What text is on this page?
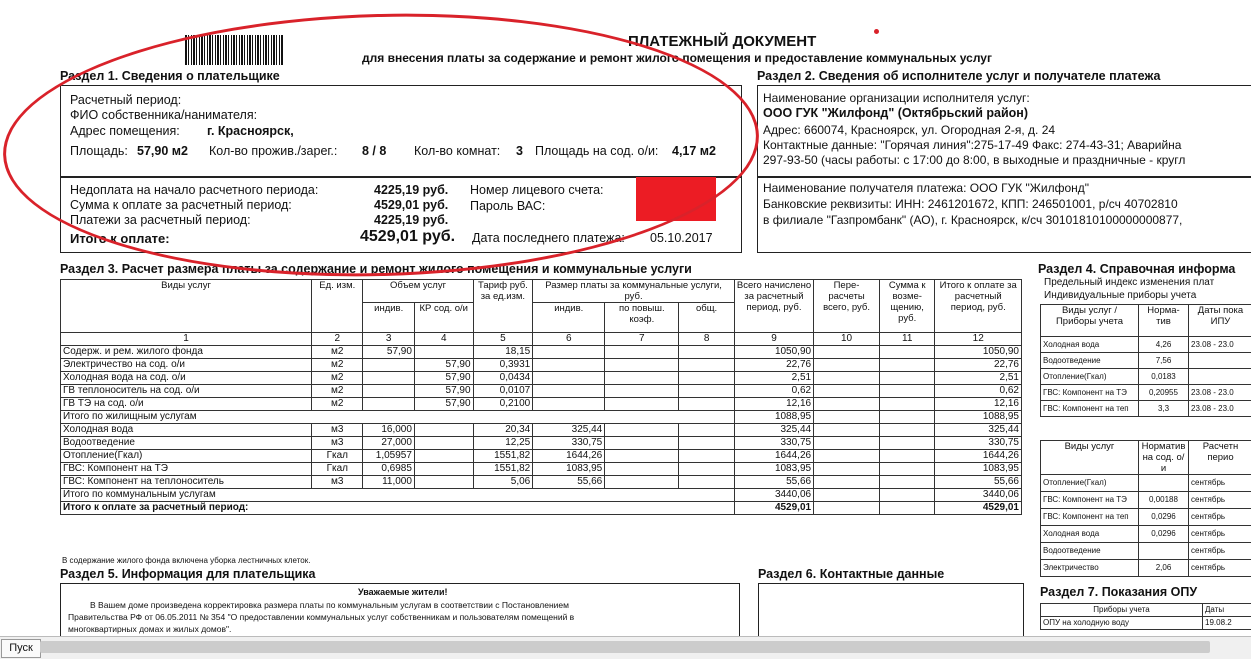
ПЛАТЕЖНЫЙ ДОКУМЕНТ
для внесения платы за содержание и ремонт жилого помещения и предоставление коммунальных услуг
Раздел 1. Сведения о плательщике
Расчетный период:
ФИО собственника/нанимателя:
Адрес помещения: г. Красноярск,
Площадь: 57,90 м2 Кол-во прожив./зарег.: 8 / 8 Кол-во комнат: 3 Площадь на сод. о/и: 4,17 м2
Недоплата на начало расчетного периода:	4225,19 руб.
Сумма к оплате за расчетный период:	4529,01 руб.
Платежи за расчетный период:	4225,19 руб.
Итого к оплате:	4529,01 руб.
Номер лицевого счета:
Пароль ВАС:
Дата последнего платежа: 05.10.2017
Раздел 2. Сведения об исполнителе услуг и получателе платежа
Наименование организации исполнителя услуг:
ООО ГУК "Жилфонд" (Октябрьский район)
Адрес: 660074, Красноярск, ул. Огородная 2-я, д. 24
Контактные данные: "Горячая линия":275-17-49 Факс: 274-43-31; Аварийна
297-93-50 (часы работы: с 17:00 до 8:00, в выходные и праздничные - кругл
Наименование получателя платежа: ООО ГУК "Жилфонд"
Банковские реквизиты: ИНН: 2461201672, КПП: 246501001, р/сч 40702810
в филиале "Газпромбанк" (АО), г. Красноярск, к/сч 30101810100000000877,
Раздел 3. Расчет размера платы за содержание и ремонт жилого помещения и коммунальные услуги
Виды услуг	Ед. изм.	Объем услуг		Тариф руб. за ед.изм.	Размер платы за коммунальные услуги, руб.			Всего начислено за расчетный период, руб.	Пере-расчеты всего, руб.	Сумма к возме-щению, руб.	Итого к оплате за расчетный период, руб.
		индив.	КР сод. о/и		индив.	по повыш. коэф.	общ.				
1	2	3	4	5	6	7	8	9	10	11	12
Содерж. и рем. жилого фонда	м2	57,90		18,15				1050,90			1050,90
Электричество на сод. о/и	м2		57,90	0,3931				22,76			22,76
Холодная вода на сод. о/и	м2		57,90	0,0434				2,51			2,51
ГВ теплоноситель на сод. о/и	м2		57,90	0,0107				0,62			0,62
ГВ ТЭ на сод. о/и	м2		57,90	0,2100				12,16			12,16
Итого по жилищным услугам								1088,95			1088,95
Холодная вода	м3	16,000		20,34	325,44			325,44			325,44
Водоотведение	м3	27,000		12,25	330,75			330,75			330,75
Отопление(Гкал)	Гкал	1,05957		1551,82	1644,26			1644,26			1644,26
ГВС: Компонент на ТЭ	Гкал	0,6985		1551,82	1083,95			1083,95			1083,95
ГВС: Компонент на теплоноситель	м3	11,000		5,06	55,66			55,66			55,66
Итого по коммунальным услугам								3440,06			3440,06
Итого к оплате за расчетный период:								4529,01			4529,01
В содержание жилого фонда включена уборка лестничных клеток.
Раздел 4. Справочная информа
Предельный индекс изменения плат
Индивидуальные приборы учета
Виды услуг / Приборы учета	Норма-тив	Даты пока ИПУ
Холодная вода	4,26	23.08 - 23.0
Водоотведение	7,56	
Отопление(Гкал)	0,0183	
ГВС: Компонент на ТЭ	0,20955	23.08 - 23.0
ГВС: Компонент на теп	3,3	23.08 - 23.0
Виды услуг	Норматив на сод. о/и	Расчетн перио
Отопление(Гкал)		сентябрь
ГВС: Компонент на ТЭ	0,00188	сентябрь
ГВС: Компонент на теп	0,0296	сентябрь
Холодная вода	0,0296	сентябрь
Водоотведение		сентябрь
Электричество	2,06	сентябрь
Раздел 5. Информация для плательщика
Уважаемые жители!
В Вашем доме произведена корректировка размера платы по коммунальным услугам в соответствии с Постановлением
Правительства РФ от 06.05.2011 № 354 "О предоставлении коммунальных услуг собственникам и пользователям помещений в
многоквартирных домах и жилых домов".
Раздел 6. Контактные данные
Раздел 7. Показания ОПУ
Приборы учета	Даты
ОПУ на холодную воду	19.08.2
Пуск
